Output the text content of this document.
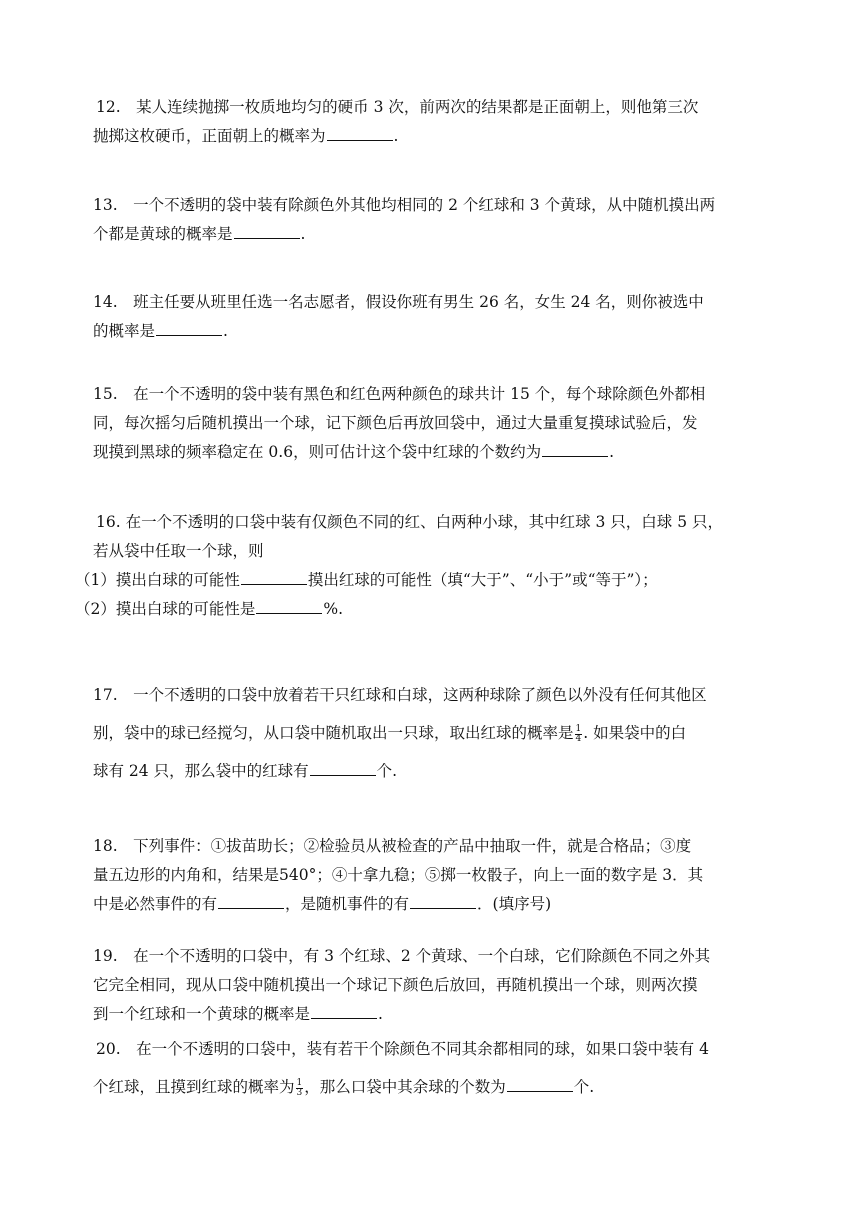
12.　某人连续抛掷一枚质地均匀的硬币 3 次，前两次的结果都是正面朝上，则他第三次
抛掷这枚硬币，正面朝上的概率为	.
13.　一个不透明的袋中装有除颜色外其他均相同的 2 个红球和 3 个黄球，从中随机摸出两
个都是黄球的概率是	.
14.　班主任要从班里任选一名志愿者，假设你班有男生 26 名，女生 24 名，则你被选中
的概率是	.
15.　在一个不透明的袋中装有黑色和红色两种颜色的球共计 15 个，每个球除颜色外都相
同，每次摇匀后随机摸出一个球，记下颜色后再放回袋中，通过大量重复摸球试验后，发
现摸到黑球的频率稳定在 0.6，则可估计这个袋中红球的个数约为	.
16. 在一个不透明的口袋中装有仅颜色不同的红、白两种小球，其中红球 3 只，白球 5 只，
若从袋中任取一个球，则
（1）摸出白球的可能性	摸出红球的可能性（填“大于”、“小于”或“等于”）；
（2）摸出白球的可能性是	%.
17.　一个不透明的口袋中放着若干只红球和白球，这两种球除了颜色以外没有任何其他区
别，袋中的球已经搅匀，从口袋中随机取出一只球，取出红球的概率是 $\frac{1}{4}$ . 如果袋中的白
球有 24 只，那么袋中的红球有	个.
18.　下列事件：①拔苗助长；②检验员从被检查的产品中抽取一件，就是合格品；③度
量五边形的内角和，结果是540°；④十拿九稳；⑤掷一枚骰子，向上一面的数字是 3．其
中是必然事件的有	，是随机事件的有	．(填序号)
19.　在一个不透明的口袋中，有 3 个红球、2 个黄球、一个白球，它们除颜色不同之外其
它完全相同，现从口袋中随机摸出一个球记下颜色后放回，再随机摸出一个球，则两次摸
到一个红球和一个黄球的概率是	.
20.　在一个不透明的口袋中，装有若干个除颜色不同其余都相同的球，如果口袋中装有 4
个红球，且摸到红球的概率为 $\frac{1}{3}$ ，那么口袋中其余球的个数为	个.
